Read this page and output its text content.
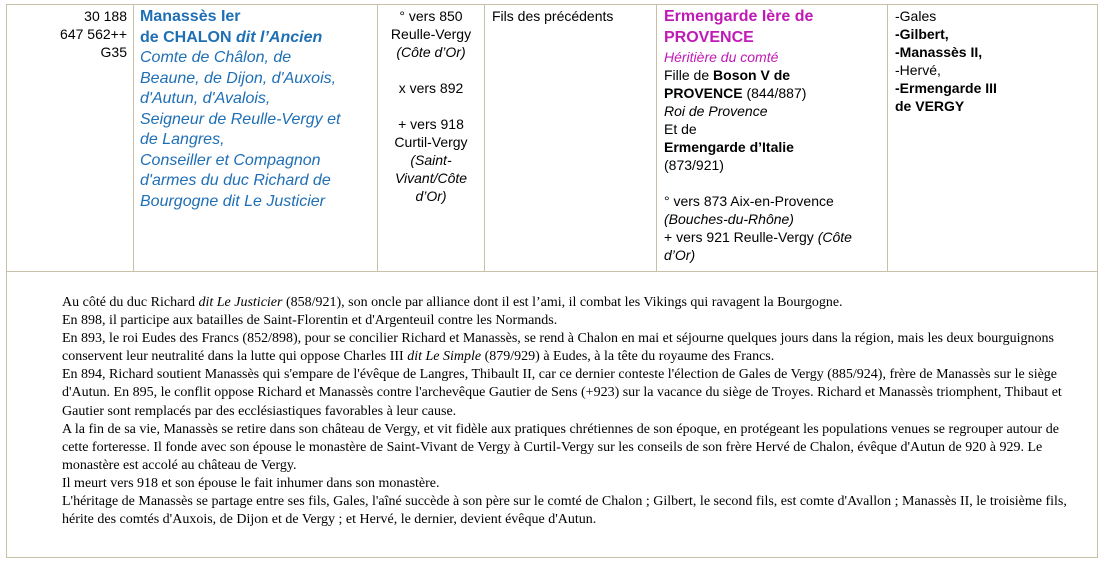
30 188
647 562++
G35
Manassès Ier
de CHALON dit l’Ancien
Comte de Châlon, de
Beaune, de Dijon, d'Auxois,
d'Autun, d'Avalois,
Seigneur de Reulle-Vergy et
de Langres,
Conseiller et Compagnon
d'armes du duc Richard de
Bourgogne dit Le Justicier
° vers 850
Reulle-Vergy
(Côte d’Or)
x vers 892
+ vers 918
Curtil-Vergy
(Saint-
Vivant/Côte
d’Or)
Fils des précédents	Ermengarde Ière de
PROVENCE
Héritière du comté
Fille de Boson V de
PROVENCE (844/887)
Roi de Provence
Et de
Ermengarde d’Italie
(873/921)
° vers 873 Aix-en-Provence
(Bouches-du-Rhône)
+ vers 921 Reulle-Vergy (Côte
d’Or)
-Gales
-Gilbert,
-Manassès II,
-Hervé,
-Ermengarde III
de VERGY

Au côté du duc Richard dit Le Justicier (858/921), son oncle par alliance dont il est l’ami, il combat les Vikings qui ravagent la Bourgogne.

En 898, il participe aux batailles de Saint-Florentin et d'Argenteuil contre les Normands.

En 893, le roi Eudes des Francs (852/898), pour se concilier Richard et Manassès, se rend à Chalon en mai et séjourne quelques jours dans la région, mais les deux bourguignons conservent leur neutralité dans la lutte qui oppose Charles III dit Le Simple (879/929) à Eudes, à la tête du royaume des Francs.

En 894, Richard soutient Manassès qui s'empare de l'évêque de Langres, Thibault II, car ce dernier conteste l'élection de Gales de Vergy (885/924), frère de Manassès sur le siège d'Autun. En 895, le conflit oppose Richard et Manassès contre l'archevêque Gautier de Sens (+923) sur la vacance du siège de Troyes. Richard et Manassès triomphent, Thibaut et Gautier sont remplacés par des ecclésiastiques favorables à leur cause.

A la fin de sa vie, Manassès se retire dans son château de Vergy, et vit fidèle aux pratiques chrétiennes de son époque, en protégeant les populations venues se regrouper autour de cette forteresse. Il fonde avec son épouse le monastère de Saint-Vivant de Vergy à Curtil-Vergy sur les conseils de son frère Hervé de Chalon, évêque d'Autun de 920 à 929. Le monastère est accolé au château de Vergy.

Il meurt vers 918 et son épouse le fait inhumer dans son monastère.

L'héritage de Manassès se partage entre ses fils, Gales, l'aîné succède à son père sur le comté de Chalon ; Gilbert, le second fils, est comte d'Avallon ; Manassès II, le troisième fils, hérite des comtés d'Auxois, de Dijon et de Vergy ; et Hervé, le dernier, devient évêque d'Autun.
